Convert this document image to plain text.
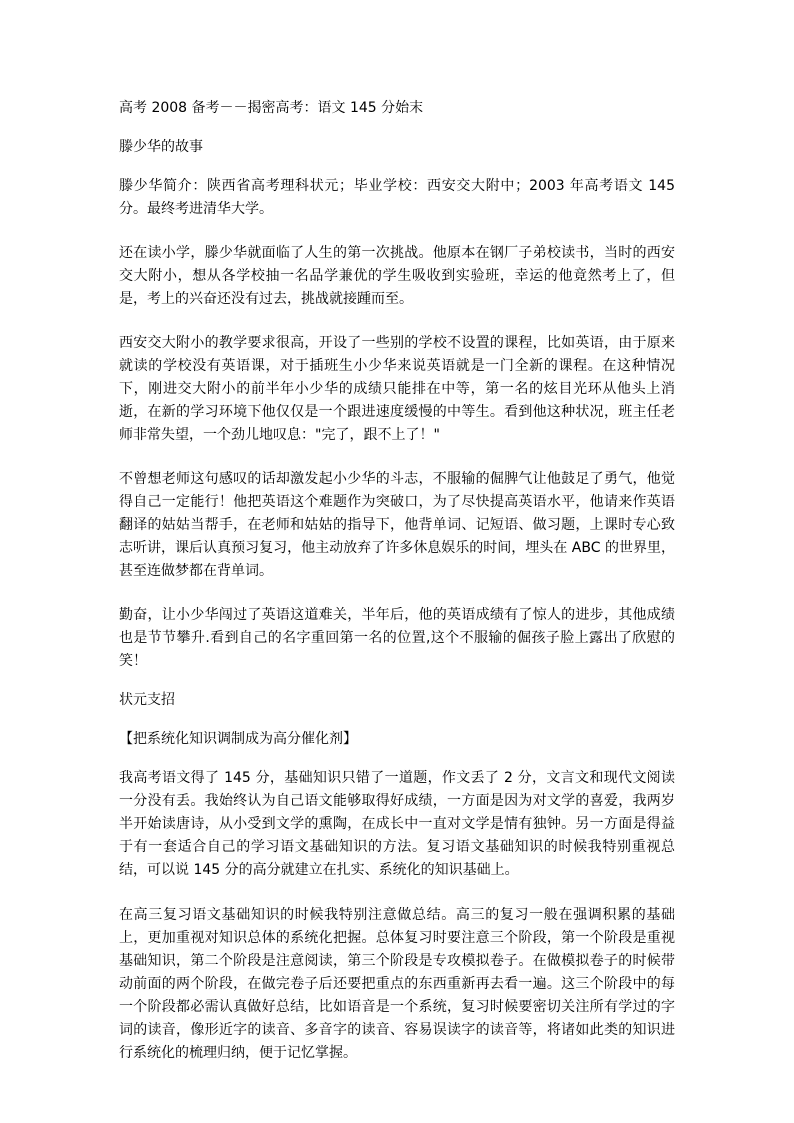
高考 2008 备考－－揭密高考：语文 145 分始末

滕少华的故事

滕少华简介：陕西省高考理科状元；毕业学校：西安交大附中；2003 年高考语文 145 分。最终考进清华大学。

还在读小学，滕少华就面临了人生的第一次挑战。他原本在钢厂子弟校读书，当时的西安交大附小，想从各学校抽一名品学兼优的学生吸收到实验班，幸运的他竟然考上了，但是，考上的兴奋还没有过去，挑战就接踵而至。

西安交大附小的教学要求很高，开设了一些别的学校不设置的课程，比如英语，由于原来就读的学校没有英语课，对于插班生小少华来说英语就是一门全新的课程。在这种情况下，刚进交大附小的前半年小少华的成绩只能排在中等，第一名的炫目光环从他头上消逝，在新的学习环境下他仅仅是一个跟进速度缓慢的中等生。看到他这种状况，班主任老师非常失望，一个劲儿地叹息："完了，跟不上了！"

不曾想老师这句感叹的话却激发起小少华的斗志，不服输的倔脾气让他鼓足了勇气，他觉得自己一定能行！他把英语这个难题作为突破口，为了尽快提高英语水平，他请来作英语翻译的姑姑当帮手，在老师和姑姑的指导下，他背单词、记短语、做习题，上课时专心致志听讲，课后认真预习复习，他主动放弃了许多休息娱乐的时间，埋头在 ABC 的世界里，甚至连做梦都在背单词。

勤奋，让小少华闯过了英语这道难关，半年后，他的英语成绩有了惊人的进步，其他成绩也是节节攀升.看到自己的名字重回第一名的位置,这个不服输的倔孩子脸上露出了欣慰的笑！

状元支招

【把系统化知识调制成为高分催化剂】

我高考语文得了 145 分，基础知识只错了一道题，作文丢了 2 分，文言文和现代文阅读一分没有丢。我始终认为自己语文能够取得好成绩，一方面是因为对文学的喜爱，我两岁半开始读唐诗，从小受到文学的熏陶，在成长中一直对文学是情有独钟。另一方面是得益于有一套适合自己的学习语文基础知识的方法。复习语文基础知识的时候我特别重视总结，可以说 145 分的高分就建立在扎实、系统化的知识基础上。

在高三复习语文基础知识的时候我特别注意做总结。高三的复习一般在强调积累的基础上，更加重视对知识总体的系统化把握。总体复习时要注意三个阶段，第一个阶段是重视基础知识，第二个阶段是注意阅读，第三个阶段是专攻模拟卷子。在做模拟卷子的时候带动前面的两个阶段，在做完卷子后还要把重点的东西重新再去看一遍。这三个阶段中的每一个阶段都必需认真做好总结，比如语音是一个系统，复习时候要密切关注所有学过的字词的读音，像形近字的读音、多音字的读音、容易误读字的读音等，将诸如此类的知识进行系统化的梳理归纳，便于记忆掌握。
